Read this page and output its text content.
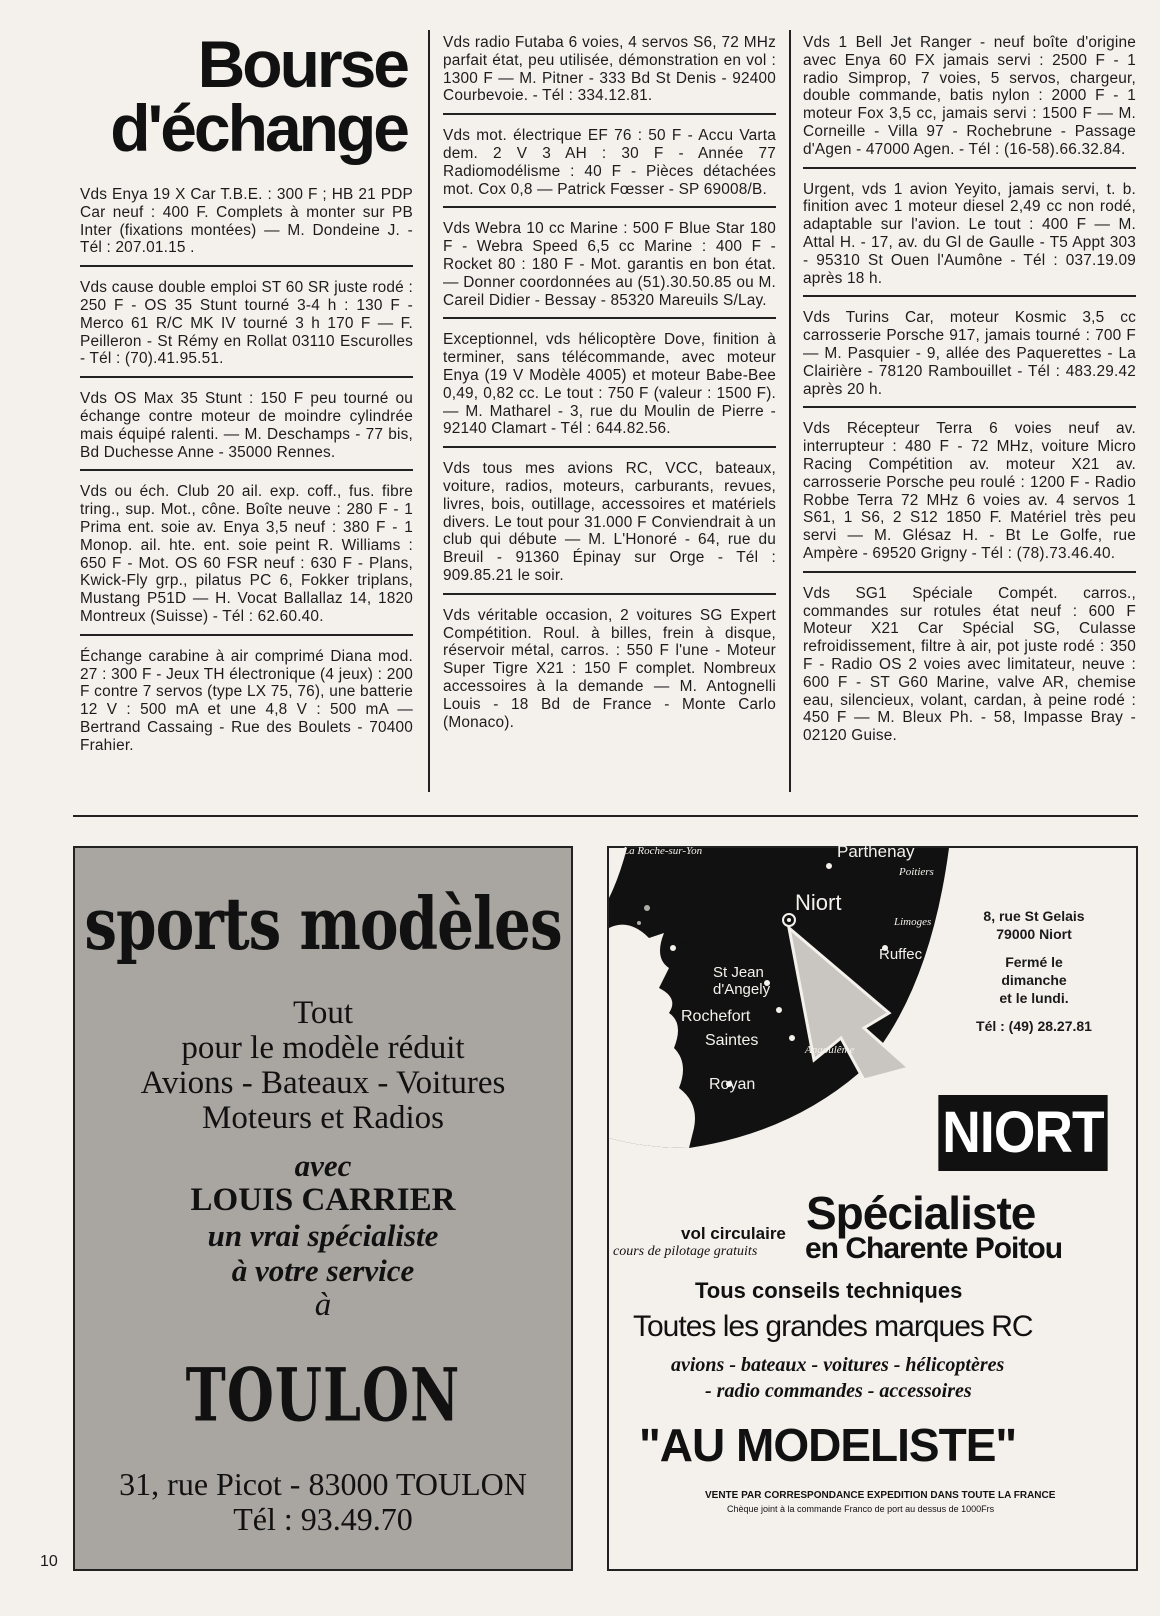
Bourse
d'échange
Vds Enya 19 X Car T.B.E. : 300 F ; HB 21 PDP Car neuf : 400 F. Complets à monter sur PB Inter (fixations montées) — M. Dondeine J. - Tél : 207.01.15 .
Vds cause double emploi ST 60 SR juste rodé : 250 F - OS 35 Stunt tourné 3-4 h : 130 F - Merco 61 R/C MK IV tourné 3 h 170 F — F. Peilleron - St Rémy en Rollat 03110 Escurolles - Tél : (70).41.95.51.
Vds OS Max 35 Stunt : 150 F peu tourné ou échange contre moteur de moindre cylindrée mais équipé ralenti. — M. Deschamps - 77 bis, Bd Duchesse Anne - 35000 Rennes.
Vds ou éch. Club 20 ail. exp. coff., fus. fibre tring., sup. Mot., cône. Boîte neuve : 280 F - 1 Prima ent. soie av. Enya 3,5 neuf : 380 F - 1 Monop. ail. hte. ent. soie peint R. Williams : 650 F - Mot. OS 60 FSR neuf : 630 F - Plans, Kwick-Fly grp., pilatus PC 6, Fokker triplans, Mustang P51D — H. Vocat Ballallaz 14, 1820 Montreux (Suisse) - Tél : 62.60.40.
Échange carabine à air comprimé Diana mod. 27 : 300 F - Jeux TH électronique (4 jeux) : 200 F contre 7 servos (type LX 75, 76), une batterie 12 V : 500 mA et une 4,8 V : 500 mA — Bertrand Cassaing - Rue des Boulets - 70400 Frahier.
Vds radio Futaba 6 voies, 4 servos S6, 72 MHz parfait état, peu utilisée, démonstration en vol : 1300 F — M. Pitner - 333 Bd St Denis - 92400 Courbevoie. - Tél : 334.12.81.
Vds mot. électrique EF 76 : 50 F - Accu Varta dem. 2 V 3 AH : 30 F - Année 77 Radiomodélisme : 40 F - Pièces détachées mot. Cox 0,8 — Patrick Fœsser - SP 69008/B.
Vds Webra 10 cc Marine : 500 F Blue Star 180 F - Webra Speed 6,5 cc Marine : 400 F - Rocket 80 : 180 F - Mot. garantis en bon état. — Donner coordonnées au (51).30.50.85 ou M. Careil Didier - Bessay - 85320 Mareuils S/Lay.
Exceptionnel, vds hélicoptère Dove, finition à terminer, sans télécommande, avec moteur Enya (19 V Modèle 4005) et moteur Babe-Bee 0,49, 0,82 cc. Le tout : 750 F (valeur : 1500 F). — M. Matharel - 3, rue du Moulin de Pierre - 92140 Clamart - Tél : 644.82.56.
Vds tous mes avions RC, VCC, bateaux, voiture, radios, moteurs, carburants, revues, livres, bois, outillage, accessoires et matériels divers. Le tout pour 31.000 F Conviendrait à un club qui débute — M. L'Honoré - 64, rue du Breuil - 91360 Épinay sur Orge - Tél : 909.85.21 le soir.
Vds véritable occasion, 2 voitures SG Expert Compétition. Roul. à billes, frein à disque, réservoir métal, carros. : 550 F l'une - Moteur Super Tigre X21 : 150 F complet. Nombreux accessoires à la demande — M. Antognelli Louis - 18 Bd de France - Monte Carlo (Monaco).
Vds 1 Bell Jet Ranger - neuf boîte d'origine avec Enya 60 FX jamais servi : 2500 F - 1 radio Simprop, 7 voies, 5 servos, chargeur, double commande, batis nylon : 2000 F - 1 moteur Fox 3,5 cc, jamais servi : 1500 F — M. Corneille - Villa 97 - Rochebrune - Passage d'Agen - 47000 Agen. - Tél : (16-58).66.32.84.
Urgent, vds 1 avion Yeyito, jamais servi, t. b. finition avec 1 moteur diesel 2,49 cc non rodé, adaptable sur l'avion. Le tout : 400 F — M. Attal H. - 17, av. du Gl de Gaulle - T5 Appt 303 - 95310 St Ouen l'Aumône - Tél : 037.19.09 après 18 h.
Vds Turins Car, moteur Kosmic 3,5 cc carrosserie Porsche 917, jamais tourné : 700 F — M. Pasquier - 9, allée des Paquerettes - La Clairière - 78120 Rambouillet - Tél : 483.29.42 après 20 h.
Vds Récepteur Terra 6 voies neuf av. interrupteur : 480 F - 72 MHz, voiture Micro Racing Compétition av. moteur X21 av. carrosserie Porsche peu roulé : 1200 F - Radio Robbe Terra 72 MHz 6 voies av. 4 servos 1 S61, 1 S6, 2 S12 1850 F. Matériel très peu servi — M. Glésaz H. - Bt Le Golfe, rue Ampère - 69520 Grigny - Tél : (78).73.46.40.
Vds SG1 Spéciale Compét. carros., commandes sur rotules état neuf : 600 F Moteur X21 Car Spécial SG, Culasse refroidissement, filtre à air, pot juste rodé : 350 F - Radio OS 2 voies avec limitateur, neuve : 600 F - ST G60 Marine, valve AR, chemise eau, silencieux, volant, cardan, à peine rodé : 450 F — M. Bleux Ph. - 58, Impasse Bray - 02120 Guise.
sports modèles
Tout
pour le modèle réduit
Avions - Bateaux - Voitures
Moteurs et Radios
avec
LOUIS CARRIER
un vrai spécialiste
à votre service
à
TOULON
31, rue Picot - 83000 TOULON
Tél : 93.49.70
10
La Roche-sur-Yon	Parthenay
Poitiers
Niort
Limoges
Ruffec
la Rochelle
St Jean
d'Angely
Rochefort
Saintes
Angoulême
Royan
8, rue St Gelais
79000 Niort
Fermé le
dimanche
et le lundi.
Tél : (49) 28.27.81
NIORT
Spécialiste
vol circulaire
cours de pilotage gratuits en Charente Poitou
Tous conseils techniques
Toutes les grandes marques RC
avions - bateaux - voitures - hélicoptères
- radio commandes - accessoires
"AU MODELISTE"
VENTE PAR CORRESPONDANCE EXPEDITION DANS TOUTE LA FRANCE
Chèque joint à la commande Franco de port au dessus de 1000Frs
